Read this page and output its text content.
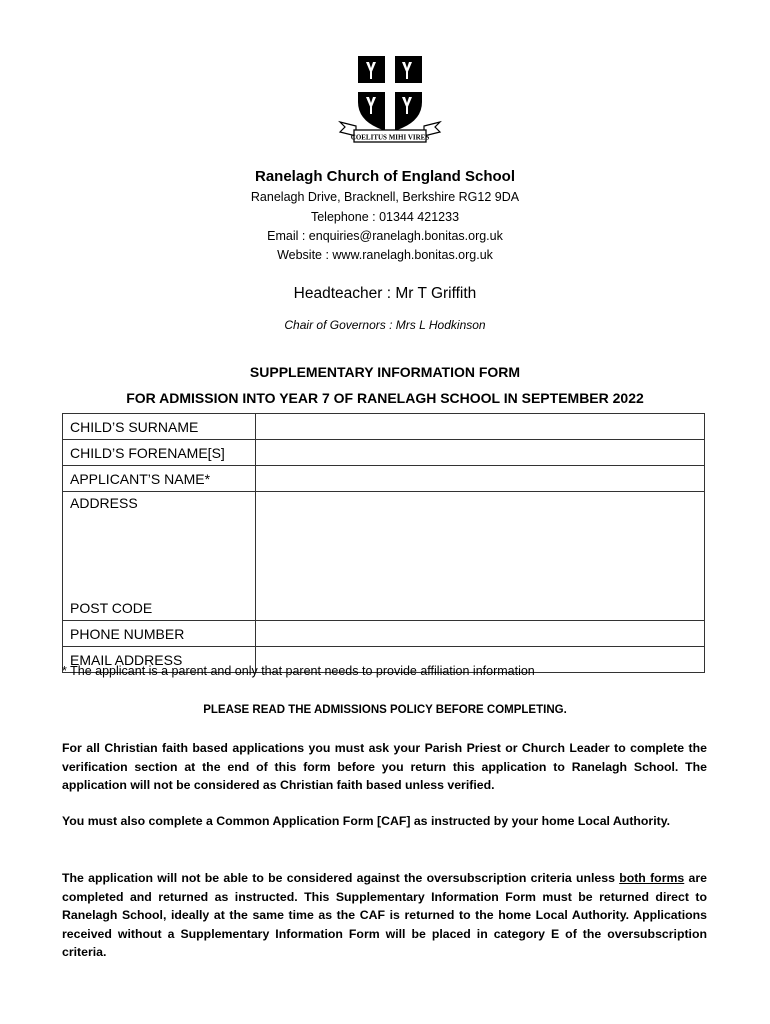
COELITUS MIHI VIRES
Ranelagh Church of England School
Ranelagh Drive, Bracknell, Berkshire RG12 9DA
Telephone : 01344 421233
Email : enquiries@ranelagh.bonitas.org.uk
Website : www.ranelagh.bonitas.org.uk
Headteacher : Mr T Griffith
Chair of Governors : Mrs L Hodkinson
SUPPLEMENTARY INFORMATION FORM
FOR ADMISSION INTO YEAR 7 OF RANELAGH SCHOOL IN SEPTEMBER 2022
CHILD’S SURNAME	
CHILD’S FORENAME[S]	
APPLICANT’S NAME*	

ADDRESS
POST CODE	

PHONE NUMBER	
EMAIL ADDRESS	
* The applicant is a parent and only that parent needs to provide affiliation information
PLEASE READ THE ADMISSIONS POLICY BEFORE COMPLETING.

For all Christian faith based applications you must ask your Parish Priest or Church Leader to complete the verification section at the end of this form before you return this application to Ranelagh School. The application will not be considered as Christian faith based unless verified.

You must also complete a Common Application Form [CAF] as instructed by your home Local Authority.

The application will not be able to be considered against the oversubscription criteria unless both forms are completed and returned as instructed. This Supplementary Information Form must be returned direct to Ranelagh School, ideally at the same time as the CAF is returned to the home Local Authority. Applications received without a Supplementary Information Form will be placed in category E of the oversubscription criteria.
